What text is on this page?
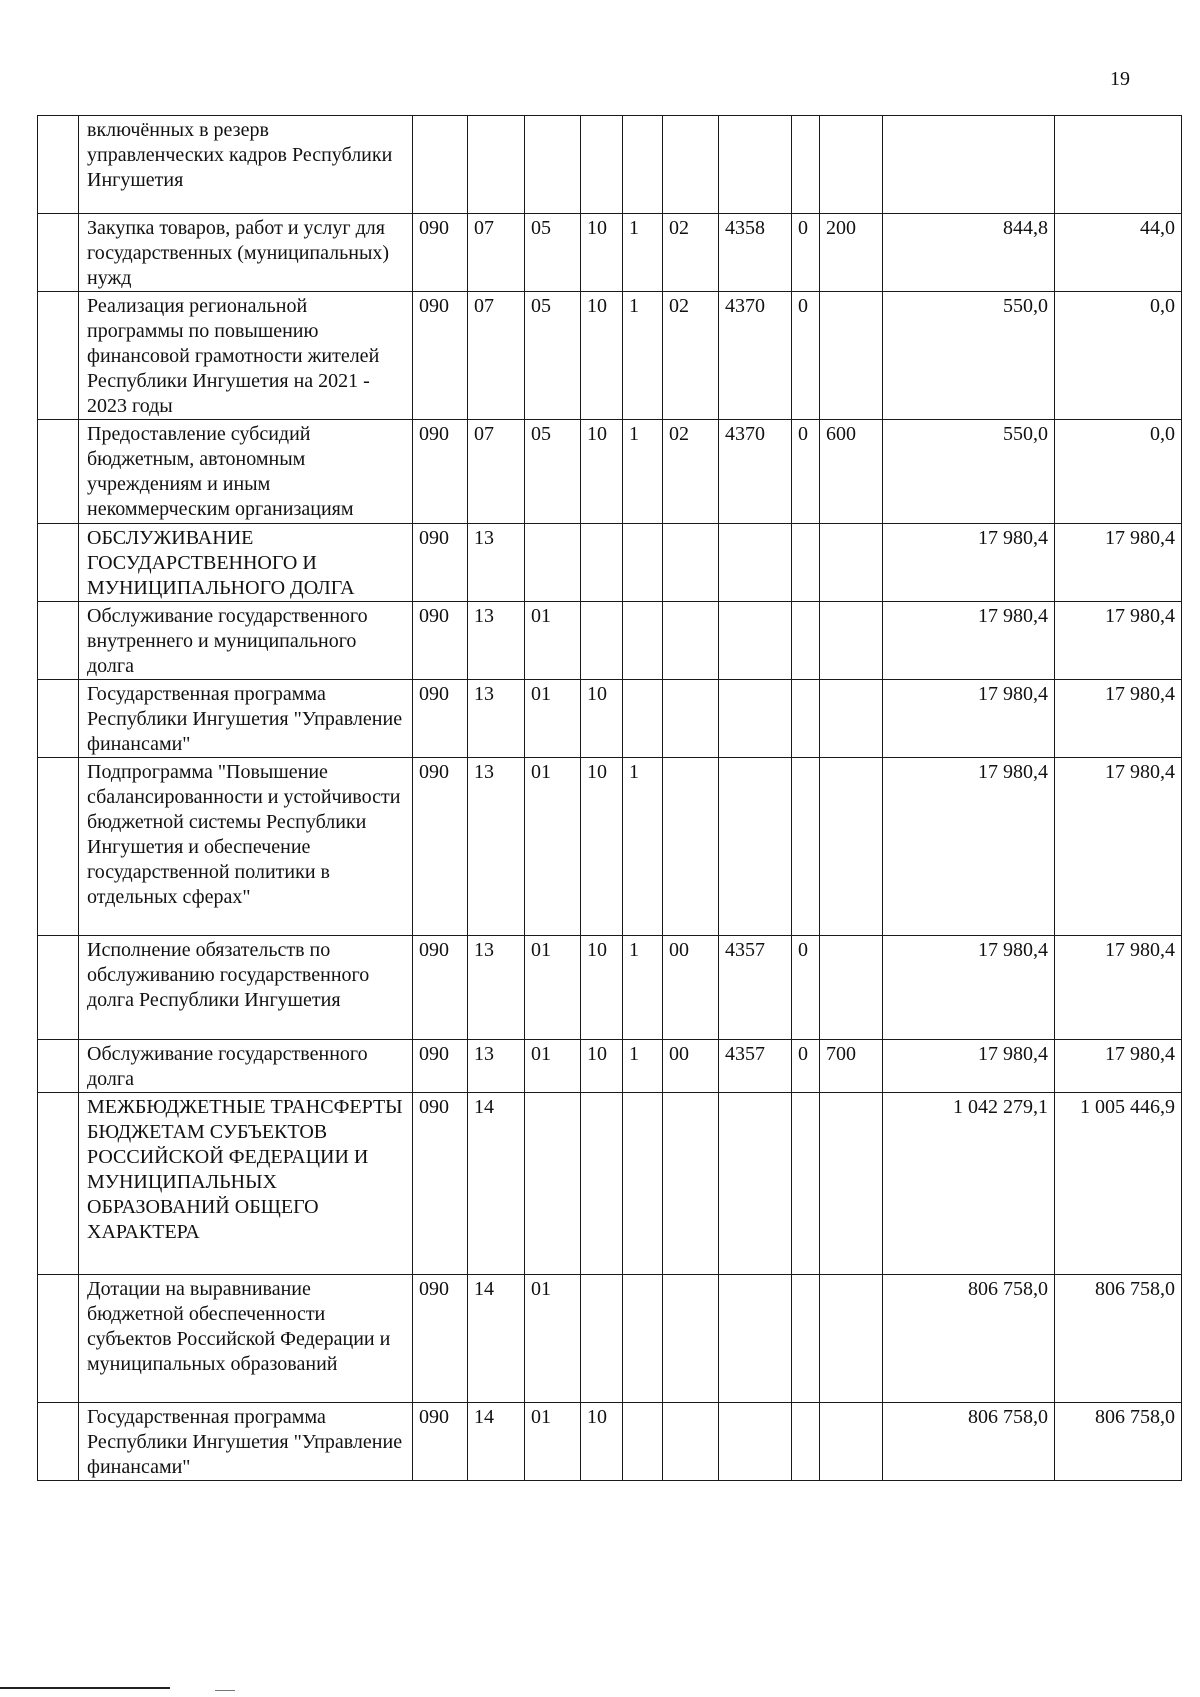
19
	включённых в резерв управленческих кадров Республики Ингушетия											
	Закупка товаров, работ и услуг для государственных (муниципальных) нужд	090	07	05	10	1	02	4358	0	200	844,8	44,0
	Реализация региональной программы по повышению финансовой грамотности жителей Республики Ингушетия на 2021 - 2023 годы	090	07	05	10	1	02	4370	0		550,0	0,0
	Предоставление субсидий бюджетным, автономным учреждениям и иным некоммерческим организациям	090	07	05	10	1	02	4370	0	600	550,0	0,0
	ОБСЛУЖИВАНИЕ ГОСУДАРСТВЕННОГО И МУНИЦИПАЛЬНОГО ДОЛГА	090	13								17 980,4	17 980,4
	Обслуживание государственного внутреннего и муниципального долга	090	13	01							17 980,4	17 980,4
	Государственная программа Республики Ингушетия "Управление финансами"	090	13	01	10						17 980,4	17 980,4
	Подпрограмма "Повышение сбалансированности и устойчивости бюджетной системы Республики Ингушетия и обеспечение государственной политики в отдельных сферах"	090	13	01	10	1					17 980,4	17 980,4
	Исполнение обязательств по обслуживанию государственного долга Республики Ингушетия	090	13	01	10	1	00	4357	0		17 980,4	17 980,4
	Обслуживание государственного долга	090	13	01	10	1	00	4357	0	700	17 980,4	17 980,4
	МЕЖБЮДЖЕТНЫЕ ТРАНСФЕРТЫ БЮДЖЕТАМ СУБЪЕКТОВ РОССИЙСКОЙ ФЕДЕРАЦИИ И МУНИЦИПАЛЬНЫХ ОБРАЗОВАНИЙ ОБЩЕГО ХАРАКТЕРА	090	14								1 042 279,1	1 005 446,9
	Дотации на выравнивание бюджетной обеспеченности субъектов Российской Федерации и муниципальных образований	090	14	01							806 758,0	806 758,0
	Государственная программа Республики Ингушетия "Управление финансами"	090	14	01	10						806 758,0	806 758,0
